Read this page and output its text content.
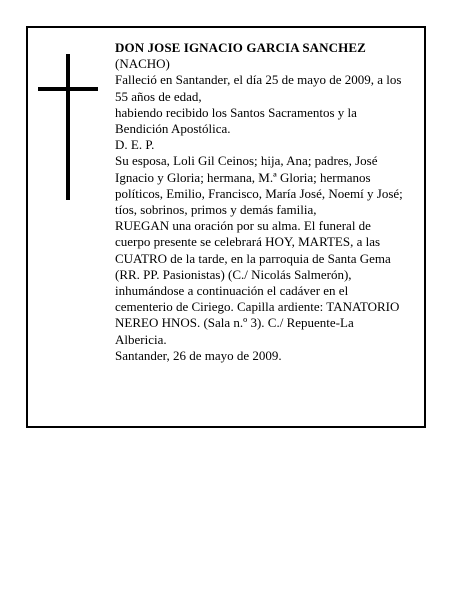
DON JOSE IGNACIO GARCIA SANCHEZ

(NACHO)

Falleció en Santander, el día 25 de mayo de 2009, a los

55 años de edad,

habiendo recibido los Santos Sacramentos y la

Bendición Apostólica.

D. E. P.

Su esposa, Loli Gil Ceinos; hija, Ana; padres, José

Ignacio y Gloria; hermana, M.ª Gloria; hermanos

políticos, Emilio, Francisco, María José, Noemí y José;

tíos, sobrinos, primos y demás familia,

RUEGAN una oración por su alma. El funeral de

cuerpo presente se celebrará HOY, MARTES, a las

CUATRO de la tarde, en la parroquia de Santa Gema

(RR. PP. Pasionistas) (C./ Nicolás Salmerón),

inhumándose a continuación el cadáver en el

cementerio de Ciriego. Capilla ardiente: TANATORIO

NEREO HNOS. (Sala n.º 3). C./ Repuente-La

Albericia.

Santander, 26 de mayo de 2009.
